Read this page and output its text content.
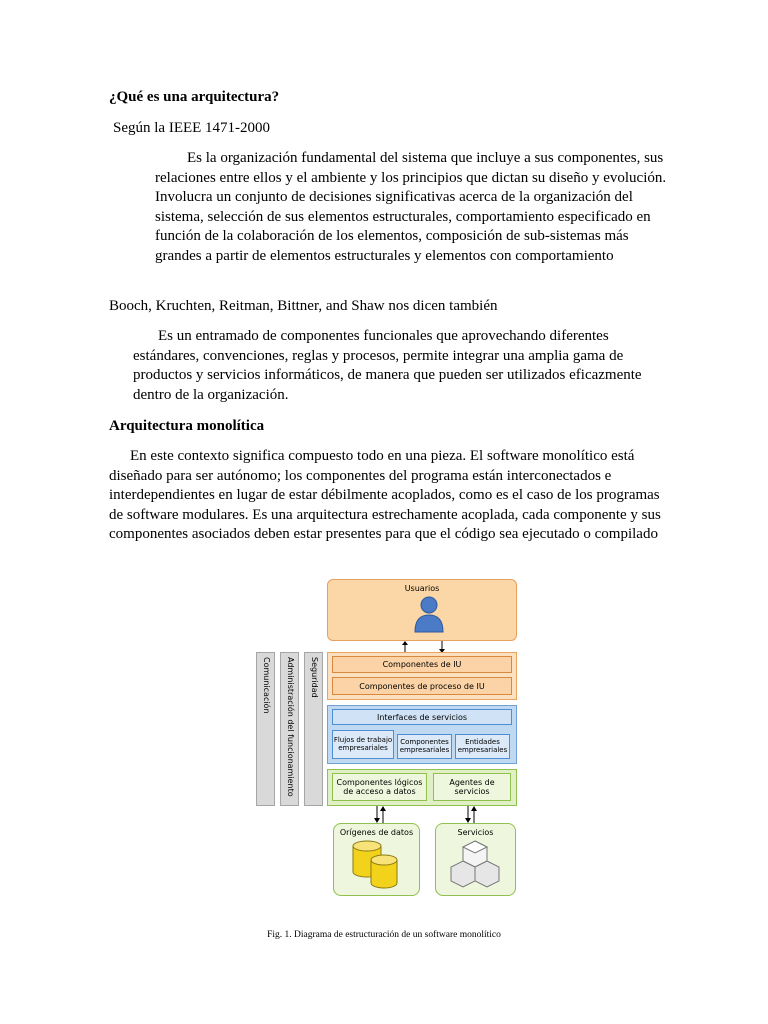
¿Qué es una arquitectura?

Según la IEEE 1471-2000

Es la organización fundamental del sistema que incluye a sus componentes, sus relaciones entre ellos y el ambiente y los principios que dictan su diseño y evolución. Involucra un conjunto de decisiones significativas acerca de la organización del sistema, selección de sus elementos estructurales, comportamiento especificado en función de la colaboración de los elementos, composición de sub-sistemas más grandes a partir de elementos estructurales y elementos con comportamiento

Booch, Kruchten, Reitman, Bittner, and Shaw nos dicen también

Es un entramado de componentes funcionales que aprovechando diferentes estándares, convenciones, reglas y procesos, permite integrar una amplia gama de productos y servicios informáticos, de manera que pueden ser utilizados eficazmente dentro de la organización.

Arquitectura monolítica

En este contexto significa compuesto todo en una pieza. El software monolítico está diseñado para ser autónomo; los componentes del programa están interconectados e interdependientes en lugar de estar débilmente acoplados, como es el caso de los programas de software modulares. Es una arquitectura estrechamente acoplada, cada componente y sus componentes asociados deben estar presentes para que el código sea ejecutado o compilado

Usuarios
Comunicación Administración del funcionamiento Seguridad	Componentes de IU
Componentes de proceso de IU
Interfaces de servicios
Flujos de trabajo empresariales
Componentes empresariales
Entidades empresariales
Componentes lógicos de acceso a datos
Agentes de servicios
Orígenes de datos	Servicios

Fig. 1. Diagrama de estructuración de un software monolítico
